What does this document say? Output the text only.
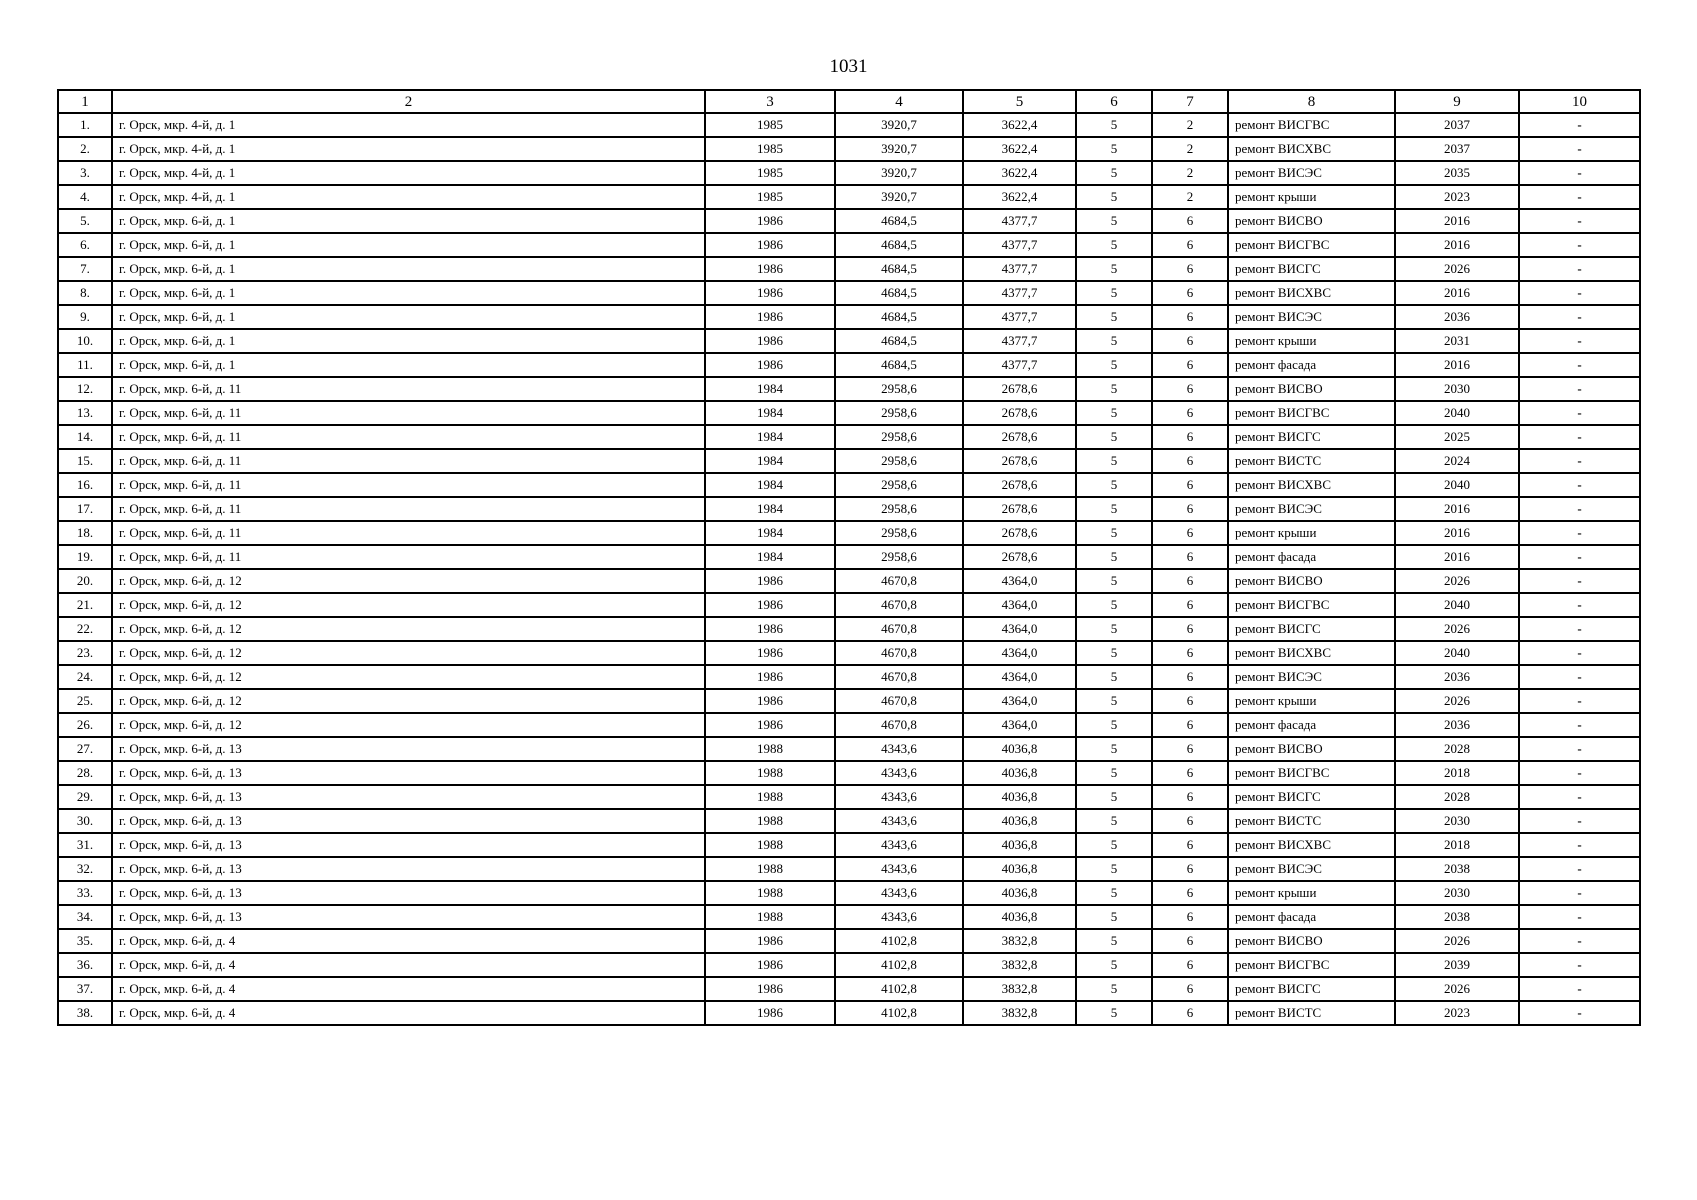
1031
1	2	3	4	5	6	7	8	9	10
1.	г. Орск, мкр. 4-й, д. 1	1985	3920,7	3622,4	5	2	ремонт ВИСГВС	2037	-
2.	г. Орск, мкр. 4-й, д. 1	1985	3920,7	3622,4	5	2	ремонт ВИСХВС	2037	-
3.	г. Орск, мкр. 4-й, д. 1	1985	3920,7	3622,4	5	2	ремонт ВИСЭС	2035	-
4.	г. Орск, мкр. 4-й, д. 1	1985	3920,7	3622,4	5	2	ремонт крыши	2023	-
5.	г. Орск, мкр. 6-й, д. 1	1986	4684,5	4377,7	5	6	ремонт ВИСВО	2016	-
6.	г. Орск, мкр. 6-й, д. 1	1986	4684,5	4377,7	5	6	ремонт ВИСГВС	2016	-
7.	г. Орск, мкр. 6-й, д. 1	1986	4684,5	4377,7	5	6	ремонт ВИСГС	2026	-
8.	г. Орск, мкр. 6-й, д. 1	1986	4684,5	4377,7	5	6	ремонт ВИСХВС	2016	-
9.	г. Орск, мкр. 6-й, д. 1	1986	4684,5	4377,7	5	6	ремонт ВИСЭС	2036	-
10.	г. Орск, мкр. 6-й, д. 1	1986	4684,5	4377,7	5	6	ремонт крыши	2031	-
11.	г. Орск, мкр. 6-й, д. 1	1986	4684,5	4377,7	5	6	ремонт фасада	2016	-
12.	г. Орск, мкр. 6-й, д. 11	1984	2958,6	2678,6	5	6	ремонт ВИСВО	2030	-
13.	г. Орск, мкр. 6-й, д. 11	1984	2958,6	2678,6	5	6	ремонт ВИСГВС	2040	-
14.	г. Орск, мкр. 6-й, д. 11	1984	2958,6	2678,6	5	6	ремонт ВИСГС	2025	-
15.	г. Орск, мкр. 6-й, д. 11	1984	2958,6	2678,6	5	6	ремонт ВИСТС	2024	-
16.	г. Орск, мкр. 6-й, д. 11	1984	2958,6	2678,6	5	6	ремонт ВИСХВС	2040	-
17.	г. Орск, мкр. 6-й, д. 11	1984	2958,6	2678,6	5	6	ремонт ВИСЭС	2016	-
18.	г. Орск, мкр. 6-й, д. 11	1984	2958,6	2678,6	5	6	ремонт крыши	2016	-
19.	г. Орск, мкр. 6-й, д. 11	1984	2958,6	2678,6	5	6	ремонт фасада	2016	-
20.	г. Орск, мкр. 6-й, д. 12	1986	4670,8	4364,0	5	6	ремонт ВИСВО	2026	-
21.	г. Орск, мкр. 6-й, д. 12	1986	4670,8	4364,0	5	6	ремонт ВИСГВС	2040	-
22.	г. Орск, мкр. 6-й, д. 12	1986	4670,8	4364,0	5	6	ремонт ВИСГС	2026	-
23.	г. Орск, мкр. 6-й, д. 12	1986	4670,8	4364,0	5	6	ремонт ВИСХВС	2040	-
24.	г. Орск, мкр. 6-й, д. 12	1986	4670,8	4364,0	5	6	ремонт ВИСЭС	2036	-
25.	г. Орск, мкр. 6-й, д. 12	1986	4670,8	4364,0	5	6	ремонт крыши	2026	-
26.	г. Орск, мкр. 6-й, д. 12	1986	4670,8	4364,0	5	6	ремонт фасада	2036	-
27.	г. Орск, мкр. 6-й, д. 13	1988	4343,6	4036,8	5	6	ремонт ВИСВО	2028	-
28.	г. Орск, мкр. 6-й, д. 13	1988	4343,6	4036,8	5	6	ремонт ВИСГВС	2018	-
29.	г. Орск, мкр. 6-й, д. 13	1988	4343,6	4036,8	5	6	ремонт ВИСГС	2028	-
30.	г. Орск, мкр. 6-й, д. 13	1988	4343,6	4036,8	5	6	ремонт ВИСТС	2030	-
31.	г. Орск, мкр. 6-й, д. 13	1988	4343,6	4036,8	5	6	ремонт ВИСХВС	2018	-
32.	г. Орск, мкр. 6-й, д. 13	1988	4343,6	4036,8	5	6	ремонт ВИСЭС	2038	-
33.	г. Орск, мкр. 6-й, д. 13	1988	4343,6	4036,8	5	6	ремонт крыши	2030	-
34.	г. Орск, мкр. 6-й, д. 13	1988	4343,6	4036,8	5	6	ремонт фасада	2038	-
35.	г. Орск, мкр. 6-й, д. 4	1986	4102,8	3832,8	5	6	ремонт ВИСВО	2026	-
36.	г. Орск, мкр. 6-й, д. 4	1986	4102,8	3832,8	5	6	ремонт ВИСГВС	2039	-
37.	г. Орск, мкр. 6-й, д. 4	1986	4102,8	3832,8	5	6	ремонт ВИСГС	2026	-
38.	г. Орск, мкр. 6-й, д. 4	1986	4102,8	3832,8	5	6	ремонт ВИСТС	2023	-
